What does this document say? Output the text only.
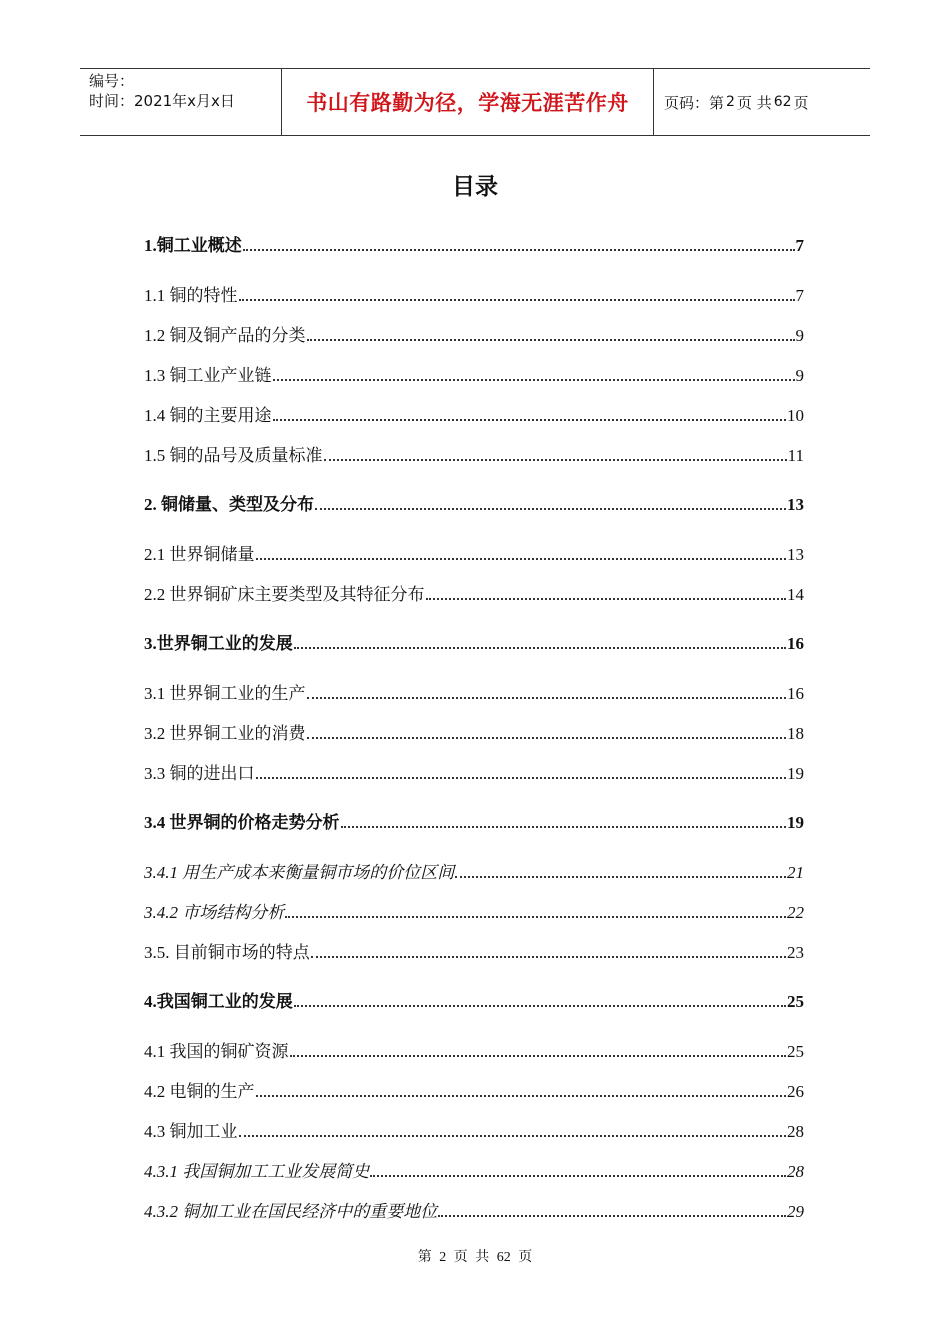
编号：
时间：2021年x月x日	书山有路勤为径，学海无涯苦作舟	页码：第 2 页 共 62 页
目录
1.铜工业概述	7
1.1 铜的特性	7
1.2 铜及铜产品的分类	9
1.3 铜工业产业链	9
1.4 铜的主要用途	10
1.5 铜的品号及质量标准	11
2. 铜储量、类型及分布	13
2.1 世界铜储量	13
2.2 世界铜矿床主要类型及其特征分布	14
3.世界铜工业的发展	16
3.1 世界铜工业的生产	16
3.2 世界铜工业的消费	18
3.3 铜的进出口	19
3.4 世界铜的价格走势分析	19
3.4.1 用生产成本来衡量铜市场的价位区间	21
3.4.2 市场结构分析	22
3.5. 目前铜市场的特点	23
4.我国铜工业的发展	25
4.1 我国的铜矿资源	25
4.2 电铜的生产	26
4.3 铜加工业	28
4.3.1 我国铜加工工业发展简史	28
4.3.2 铜加工业在国民经济中的重要地位	29
第 2 页 共 62 页
